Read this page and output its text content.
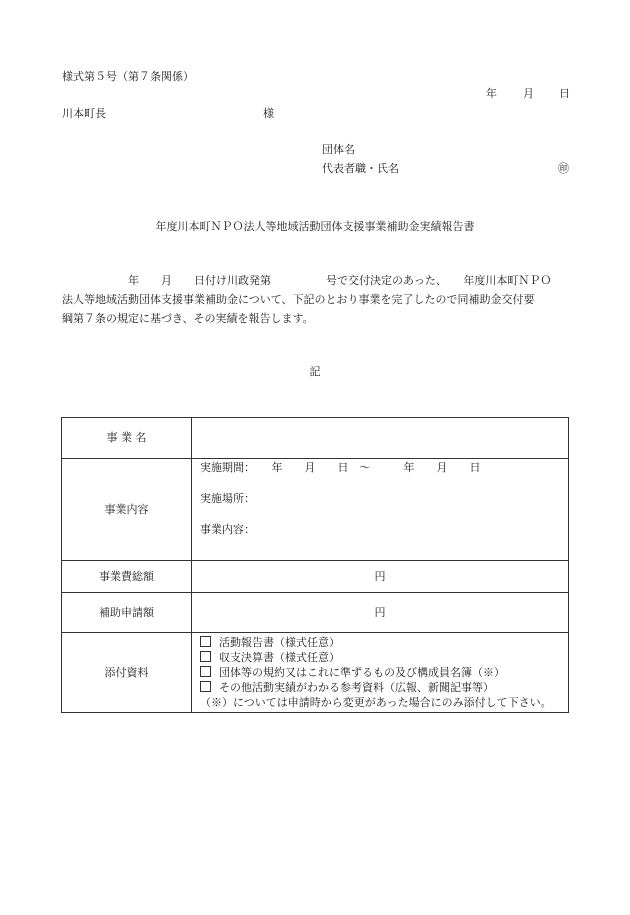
様式第５号（第７条関係）
年 月 日
川本町長	様
団体名
代表者職・氏名	㊞
年度川本町ＮＰＯ法人等地域活動団体支援事業補助金実績報告書
　　　　　　年　　月　　日付け川政発第　　　　　号で交付決定のあった、　　年度川本町ＮＰＯ
法人等地域活動団体支援事業補助金について、下記のとおり事業を完了したので同補助金交付要
綱第７条の規定に基づき、その実績を報告します。
記
事 業 名	
事業内容	実施期間：　　年　　月　　日　～　　　年　　月　　日
実施場所：
事業内容：

事業費総額	円
補助申請額	円
添付資料	活動報告書（様式任意）
収支決算書（様式任意）
団体等の規約又はこれに準ずるもの及び構成員名簿（※）
その他活動実績がわかる参考資料（広報、新聞記事等）
（※）については申請時から変更があった場合にのみ添付して下さい。
